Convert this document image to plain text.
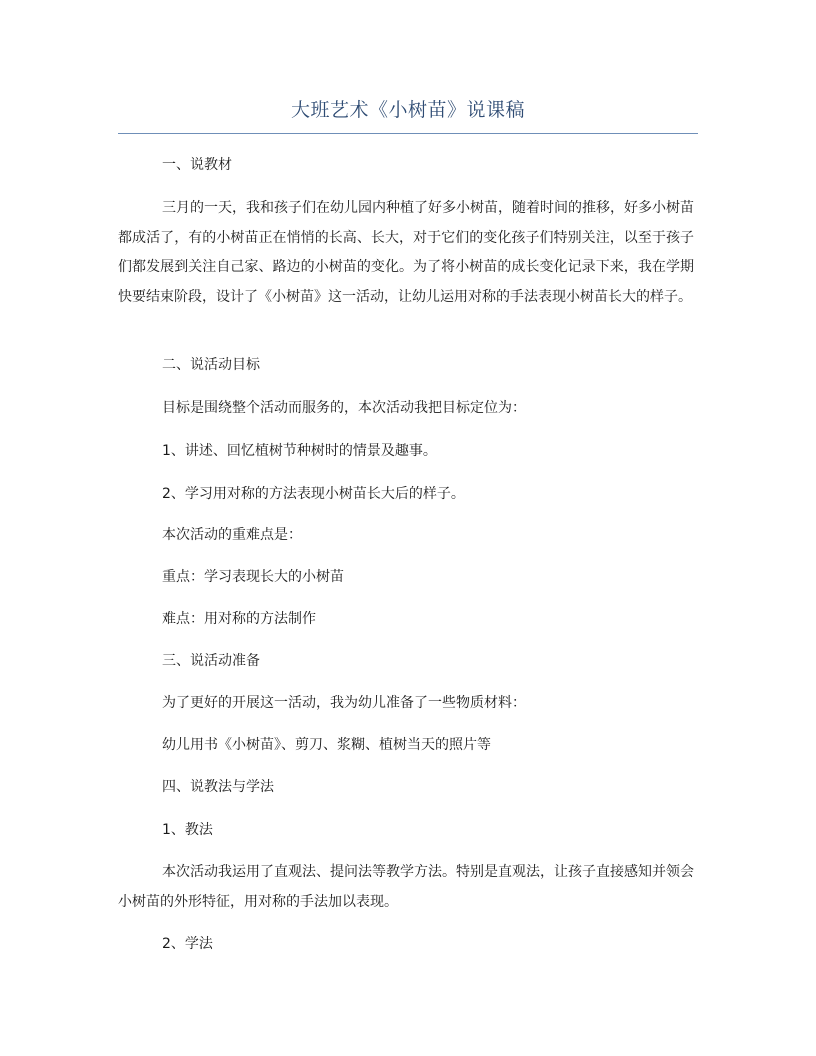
大班艺术《小树苗》说课稿

一、说教材

三月的一天，我和孩子们在幼儿园内种植了好多小树苗，随着时间的推移，好多小树苗都成活了，有的小树苗正在悄悄的长高、长大，对于它们的变化孩子们特别关注，以至于孩子们都发展到关注自己家、路边的小树苗的变化。为了将小树苗的成长变化记录下来，我在学期快要结束阶段，设计了《小树苗》这一活动，让幼儿运用对称的手法表现小树苗长大的样子。

二、说活动目标

目标是围绕整个活动而服务的，本次活动我把目标定位为：

1、讲述、回忆植树节种树时的情景及趣事。

2、学习用对称的方法表现小树苗长大后的样子。

本次活动的重难点是：

重点：学习表现长大的小树苗

难点：用对称的方法制作

三、说活动准备

为了更好的开展这一活动，我为幼儿准备了一些物质材料：

幼儿用书《小树苗》、剪刀、浆糊、植树当天的照片等

四、说教法与学法

1、教法

本次活动我运用了直观法、提问法等教学方法。特别是直观法，让孩子直接感知并领会小树苗的外形特征，用对称的手法加以表现。

2、学法
